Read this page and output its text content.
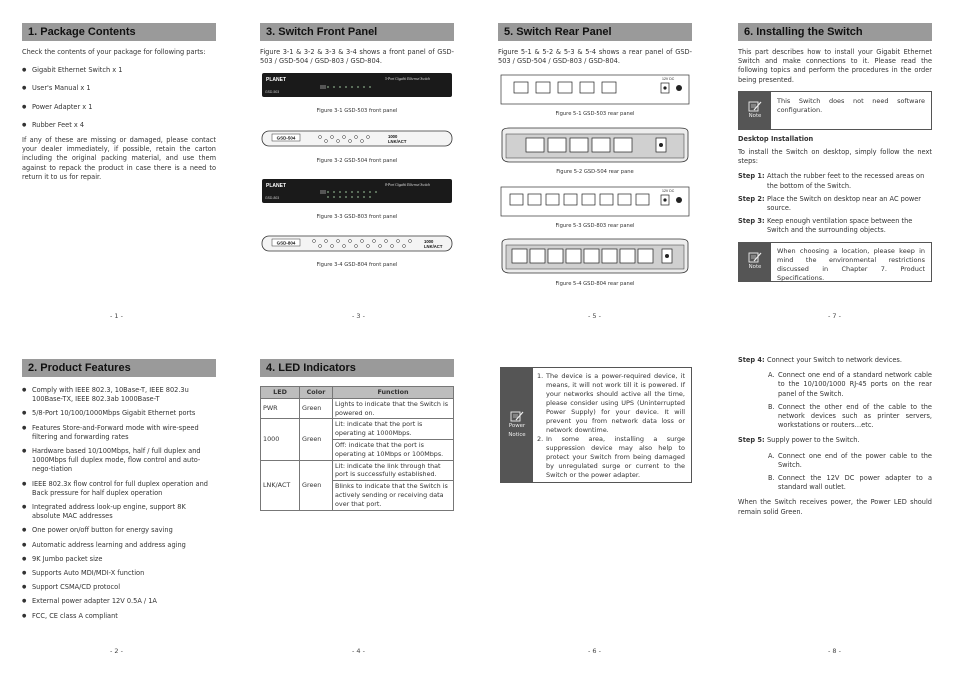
1. Package Contents

Check the contents of your package for following parts:

● Gigabit Ethernet Switch x 1
● User's Manual x 1
● Power Adapter x 1
● Rubber Feet x 4

If any of these are missing or damaged, please contact your dealer immediately, if possible, retain the carton including the original packing material, and use them against to repack the product in case there is a need to return it to us for repair.

- 1 -
2. Product Features
● Comply with IEEE 802.3, 10Base-T, IEEE 802.3u 100Base-TX, IEEE 802.3ab 1000Base-T
● 5/8-Port 10/100/1000Mbps Gigabit Ethernet ports
● Features Store-and-Forward mode with wire-speed filtering and forwarding rates
● Hardware based 10/100Mbps, half / full duplex and 1000Mbps full duplex mode, flow control and auto-nego-tiation
● IEEE 802.3x flow control for full duplex operation and Back pressure for half duplex operation
● Integrated address look-up engine, support 8K absolute MAC addresses
● One power on/off button for energy saving
● Automatic address learning and address aging
● 9K Jumbo packet size
● Supports Auto MDI/MDI-X function
● Support CSMA/CD protocol
● External power adapter 12V 0.5A / 1A
● FCC, CE class A compliant
- 2 -
3. Switch Front Panel

Figure 3-1 & 3-2 & 3-3 & 3-4 shows a front panel of GSD-503 / GSD-504 / GSD-803 / GSD-804.

PLANET
GSD-503
5-Port Gigabit Ethernet Switch
Figure 3-1 GSD-503 front panel
GSD-504	1000
LNK/ACT
Figure 3-2 GSD-504 front panel
PLANET
GSD-803
8-Port Gigabit Ethernet Switch
Figure 3-3 GSD-803 front panel
GSD-804	1000
LNK/ACT
Figure 3-4 GSD-804 front panel
- 3 -
4. LED Indicators
LED	Color	Function
PWR	Green	Lights to indicate that the Switch is powered on.
1000	Green	Lit: indicate that the port is operating at 1000Mbps.
		Off: indicate that the port is operating at 10Mbps or 100Mbps.
LNK/ACT	Green	Lit: indicate the link through that port is successfully established.
		Blinks to indicate that the Switch is actively sending or receiving data over that port.
- 4 -
5. Switch Rear Panel

Figure 5-1 & 5-2 & 5-3 & 5-4 shows a rear panel of GSD-503 / GSD-504 / GSD-803 / GSD-804.

12V DC
Figure 5-1 GSD-503 rear panel
Figure 5-2 GSD-504 rear pane
12V DC
Figure 5-3 GSD-803 rear panel
Figure 5-4 GSD-804 rear panel
- 5 -
Power
Notice
1. The device is a power-required device, it means, it will not work till it is powered. If your networks should active all the time, please consider using UPS (Uninterrupted Power Supply) for your device. It will prevent you from network data loss or network downtime.
2. In some area, installing a surge suppression device may also help to protect your Switch from being damaged by unregulated surge or current to the Switch or the power adapter.
- 6 -
6. Installing the Switch

This part describes how to install your Gigabit Ethernet Switch and make connections to it. Please read the following topics and perform the procedures in the order being presented.

Note
This Switch does not need software configuration.

Desktop Installation

To install the Switch on desktop, simply follow the next steps:

Step 1: Attach the rubber feet to the recessed areas on the bottom of the Switch.
Step 2: Place the Switch on desktop near an AC power source.
Step 3: Keep enough ventilation space between the Switch and the surrounding objects.
Note
When choosing a location, please keep in mind the environmental restrictions discussed in Chapter 7. Product Specifications.
- 7 -
Step 4: Connect your Switch to network devices.
A. Connect one end of a standard network cable to the 10/100/1000 RJ-45 ports on the rear panel of the Switch.
B. Connect the other end of the cable to the network devices such as printer servers, workstations or routers…etc.
Step 5: Supply power to the Switch.
A. Connect one end of the power cable to the Switch.
B. Connect the 12V DC power adapter to a standard wall outlet.

When the Switch receives power, the Power LED should remain solid Green.

- 8 -
